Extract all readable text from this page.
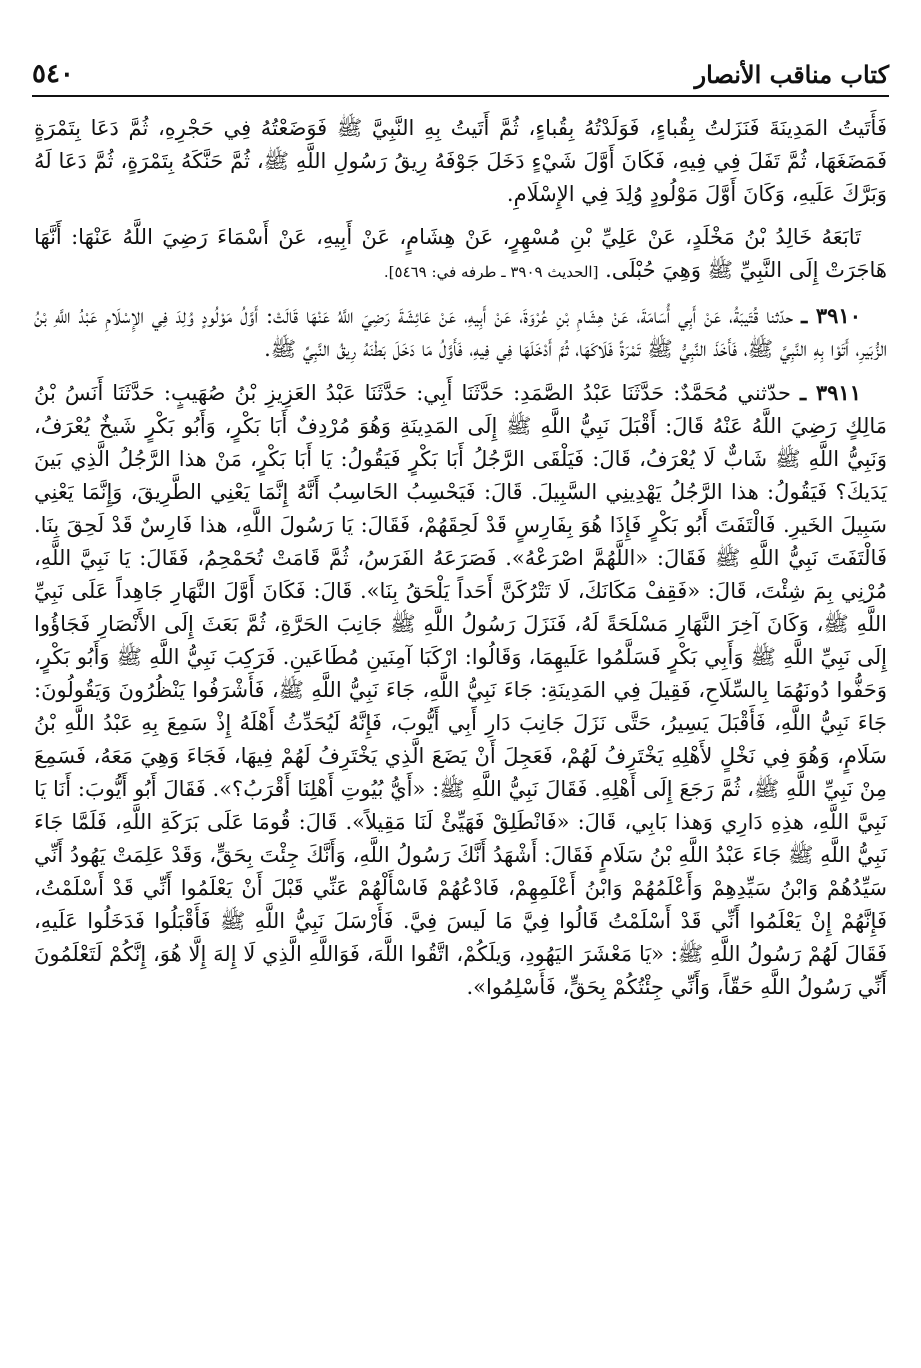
كتاب مناقب الأنصار
٥٤٠

فَأَتَيتُ المَدِينَةَ فَنَزَلتُ بِقُباءٍ، فَوَلَدْتُهُ بِقُباءٍ، ثُمَّ أَتَيتُ بِهِ النَّبِيَّ ﷺ فَوَضَعْتُهُ فِي حَجْرِهِ، ثُمَّ دَعَا بِتَمْرَةٍ فَمَضَغَهَا، ثُمَّ تَفَلَ فِي فِيهِ، فَكَانَ أَوَّلَ شَيْءٍ دَخَلَ جَوْفَهُ رِيقُ رَسُولِ اللَّهِ ﷺ، ثُمَّ حَنَّكَهُ بِتَمْرَةٍ، ثُمَّ دَعَا لَهُ وَبَرَّكَ عَلَيهِ، وَكَانَ أَوَّلَ مَوْلُودٍ وُلِدَ فِي الإِسْلَامِ.

تَابَعَهُ خَالِدُ بْنُ مَخْلَدٍ، عَنْ عَلِيِّ بْنِ مُسْهِرٍ، عَنْ هِشَامٍ، عَنْ أَبِيهِ، عَنْ أَسْمَاءَ رَضِيَ اللَّهُ عَنْهَا: أَنَّهَا هَاجَرَتْ إِلَى النَّبِيِّ ﷺ وَهِيَ حُبْلَى. [الحديث ٣٩٠٩ ـ طرفه في: ٥٤٦٩].

٣٩١٠ ـ حدّثنا قُتَيبَةُ، عَنْ أَبِي أُسَامَةَ، عَنْ هِشَامِ بْنِ عُرْوَةَ، عَنْ أَبِيهِ، عَنْ عَائِشَةَ رَضِيَ اللَّهُ عَنْهَا قَالَتْ: أَوَّلُ مَوْلُودٍ وُلِدَ فِي الإِسْلَامِ عَبْدُ اللَّهِ بْنُ الزُّبَيرِ، أَتَوْا بِهِ النَّبِيَّ ﷺ، فَأَخَذَ النَّبِيُّ ﷺ تَمْرَةً فَلَاكَهَا، ثُمَّ أَدْخَلَهَا فِي فِيهِ، فَأَوَّلُ مَا دَخَلَ بَطْنَهُ رِيقُ النَّبِيِّ ﷺ.

٣٩١١ ـ حدّثني مُحَمَّدٌ: حَدَّثَنَا عَبْدُ الصَّمَدِ: حَدَّثَنَا أَبِي: حَدَّثَنَا عَبْدُ العَزِيزِ بْنُ صُهَيبٍ: حَدَّثَنَا أَنَسُ بْنُ مَالِكٍ رَضِيَ اللَّهُ عَنْهُ قَالَ: أَقْبَلَ نَبِيُّ اللَّهِ ﷺ إِلَى المَدِينَةِ وَهُوَ مُرْدِفٌ أَبَا بَكْرٍ، وَأَبُو بَكْرٍ شَيخٌ يُعْرَفُ، وَنَبِيُّ اللَّهِ ﷺ شَابٌّ لَا يُعْرَفُ، قَالَ: فَيَلْقَى الرَّجُلُ أَبَا بَكْرٍ فَيَقُولُ: يَا أَبَا بَكْرٍ، مَنْ هذا الرَّجُلُ الَّذِي بَينَ يَدَيكَ؟ فَيَقُولُ: هذا الرَّجُلُ يَهْدِينِي السَّبِيلَ. قَالَ: فَيَحْسِبُ الحَاسِبُ أَنَّهُ إِنَّمَا يَعْنِي الطَّرِيقَ، وَإِنَّمَا يَعْنِي سَبِيلَ الخَيرِ. فَالْتَفَتَ أَبُو بَكْرٍ فَإِذَا هُوَ بِفَارِسٍ قَدْ لَحِقَهُمْ، فَقَالَ: يَا رَسُولَ اللَّهِ، هذا فَارِسٌ قَدْ لَحِقَ بِنَا. فَالْتَفَتَ نَبِيُّ اللَّهِ ﷺ فَقَالَ: «اللَّهُمَّ اصْرَعْهُ». فَصَرَعَهُ الفَرَسُ، ثُمَّ قَامَتْ تُحَمْحِمُ، فَقَالَ: يَا نَبِيَّ اللَّهِ، مُرْنِي بِمَ شِئْتَ، قَالَ: «فَقِفْ مَكَانَكَ، لَا تَتْرُكَنَّ أَحَداً يَلْحَقُ بِنَا». قَالَ: فَكَانَ أَوَّلَ النَّهَارِ جَاهِداً عَلَى نَبِيِّ اللَّهِ ﷺ، وَكَانَ آخِرَ النَّهَارِ مَسْلَحَةً لَهُ، فَنَزَلَ رَسُولُ اللَّهِ ﷺ جَانِبَ الحَرَّةِ، ثُمَّ بَعَثَ إِلَى الأَنْصَارِ فَجَاؤُوا إِلَى نَبِيِّ اللَّهِ ﷺ وَأَبِي بَكْرٍ فَسَلَّمُوا عَلَيهِمَا، وَقَالُوا: ارْكَبَا آمِنَينِ مُطَاعَينِ. فَرَكِبَ نَبِيُّ اللَّهِ ﷺ وَأَبُو بَكْرٍ، وَحَفُّوا دُونَهُمَا بِالسِّلَاحِ، فَقِيلَ فِي المَدِينَةِ: جَاءَ نَبِيُّ اللَّهِ، جَاءَ نَبِيُّ اللَّهِ ﷺ، فَأَشْرَفُوا يَنْظُرُونَ وَيَقُولُونَ: جَاءَ نَبِيُّ اللَّهِ، فَأَقْبَلَ يَسِيرُ، حَتَّى نَزَلَ جَانِبَ دَارِ أَبِي أَيُّوبَ، فَإِنَّهُ لَيُحَدِّثُ أَهْلَهُ إِذْ سَمِعَ بِهِ عَبْدُ اللَّهِ بْنُ سَلَامٍ، وَهُوَ فِي نَخْلٍ لأَهْلِهِ يَخْتَرِفُ لَهُمْ، فَعَجِلَ أَنْ يَضَعَ الَّذِي يَخْتَرِفُ لَهُمْ فِيهَا، فَجَاءَ وَهِيَ مَعَهُ، فَسَمِعَ مِنْ نَبِيِّ اللَّهِ ﷺ، ثُمَّ رَجَعَ إِلَى أَهْلِهِ. فَقَالَ نَبِيُّ اللَّهِ ﷺ: «أَيُّ بُيُوتِ أَهْلِنَا أَقْرَبُ؟». فَقَالَ أَبُو أَيُّوبَ: أَنَا يَا نَبِيَّ اللَّهِ، هذِهِ دَارِي وَهذا بَابِي، قَالَ: «فَانْطَلِقْ فَهَيِّئْ لَنَا مَقِيلاً». قَالَ: قُومَا عَلَى بَرَكَةِ اللَّهِ، فَلَمَّا جَاءَ نَبِيُّ اللَّهِ ﷺ جَاءَ عَبْدُ اللَّهِ بْنُ سَلَامٍ فَقَالَ: أَشْهَدُ أَنَّكَ رَسُولُ اللَّهِ، وَأَنَّكَ جِئْتَ بِحَقٍّ، وَقَدْ عَلِمَتْ يَهُودُ أَنِّي سَيِّدُهُمْ وَابْنُ سَيِّدِهِمْ وَأَعْلَمُهُمْ وَابْنُ أَعْلَمِهِمْ، فَادْعُهُمْ فَاسْأَلْهُمْ عَنِّي قَبْلَ أَنْ يَعْلَمُوا أَنِّي قَدْ أَسْلَمْتُ، فَإِنَّهُمْ إِنْ يَعْلَمُوا أَنِّي قَدْ أَسْلَمْتُ قَالُوا فِيَّ مَا لَيسَ فِيَّ. فَأَرْسَلَ نَبِيُّ اللَّهِ ﷺ فَأَقْبَلُوا فَدَخَلُوا عَلَيهِ، فَقَالَ لَهُمْ رَسُولُ اللَّهِ ﷺ: «يَا مَعْشَرَ اليَهُودِ، وَيلَكُمْ، اتَّقُوا اللَّهَ، فَوَاللَّهِ الَّذِي لَا إِلهَ إِلَّا هُوَ، إِنَّكُمْ لَتَعْلَمُونَ أَنِّي رَسُولُ اللَّهِ حَقّاً، وَأَنِّي جِئْتُكُمْ بِحَقٍّ، فَأَسْلِمُوا».
